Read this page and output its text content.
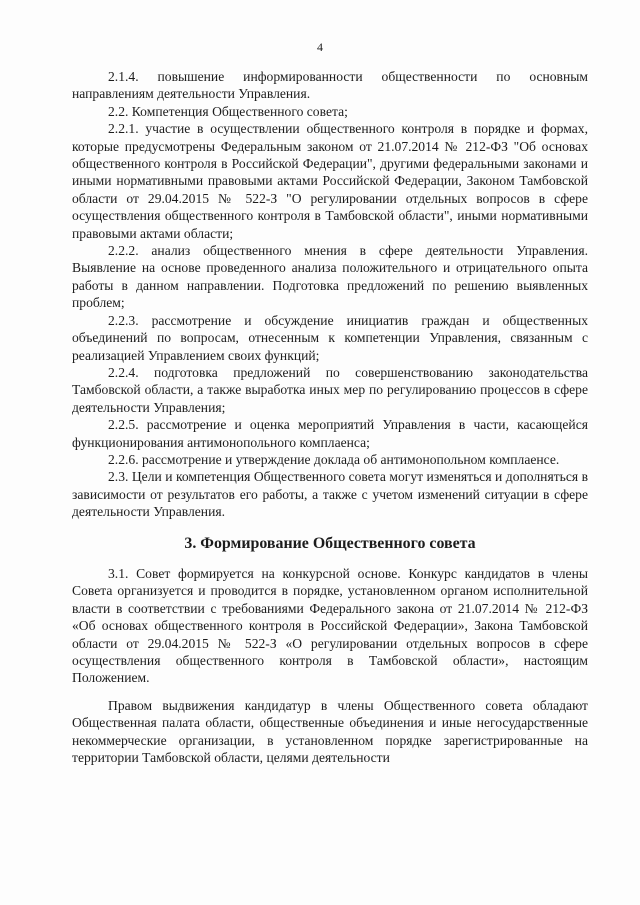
4

2.1.4. повышение информированности общественности по основным направлениям деятельности Управления.

2.2. Компетенция Общественного совета;

2.2.1. участие в осуществлении общественного контроля в порядке и формах, которые предусмотрены Федеральным законом от 21.07.2014 № 212-ФЗ "Об основах общественного контроля в Российской Федерации", другими федеральными законами и иными нормативными правовыми актами Российской Федерации, Законом Тамбовской области от 29.04.2015 № 522-З "О регулировании отдельных вопросов в сфере осуществления общественного контроля в Тамбовской области", иными нормативными правовыми актами области;

2.2.2. анализ общественного мнения в сфере деятельности Управления. Выявление на основе проведенного анализа положительного и отрицательного опыта работы в данном направлении. Подготовка предложений по решению выявленных проблем;

2.2.3. рассмотрение и обсуждение инициатив граждан и общественных объединений по вопросам, отнесенным к компетенции Управления, связанным с реализацией Управлением своих функций;

2.2.4. подготовка предложений по совершенствованию законодательства Тамбовской области, а также выработка иных мер по регулированию процессов в сфере деятельности Управления;

2.2.5. рассмотрение и оценка мероприятий Управления в части, касающейся функционирования антимонопольного комплаенса;

2.2.6. рассмотрение и утверждение доклада об антимонопольном комплаенсе.

2.3. Цели и компетенция Общественного совета могут изменяться и дополняться в зависимости от результатов его работы, а также с учетом изменений ситуации в сфере деятельности Управления.

3. Формирование Общественного совета

3.1. Совет формируется на конкурсной основе. Конкурс кандидатов в члены Совета организуется и проводится в порядке, установленном органом исполнительной власти в соответствии с требованиями Федерального закона от 21.07.2014 № 212-ФЗ «Об основах общественного контроля в Российской Федерации», Закона Тамбовской области от 29.04.2015 № 522-З «О регулировании отдельных вопросов в сфере осуществления общественного контроля в Тамбовской области», настоящим Положением.

Правом выдвижения кандидатур в члены Общественного совета обладают Общественная палата области, общественные объединения и иные негосударственные некоммерческие организации, в установленном порядке зарегистрированные на территории Тамбовской области, целями деятельности
